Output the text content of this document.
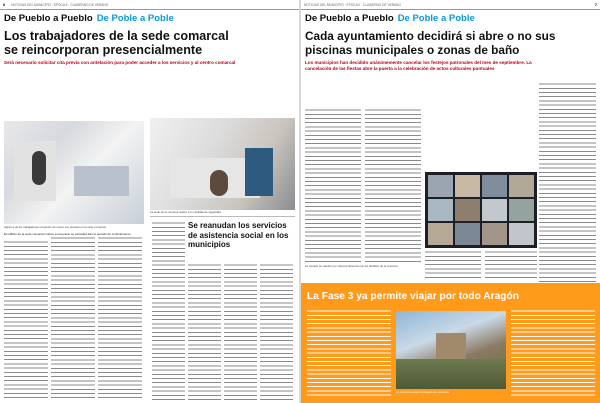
6 NOTICIAS DEL MUNICIPIO · ÉPOCA II · CUADERNO DE VERANO
De Pueblo a Pueblo De Poble a Poble
Los trabajadores de la sede comarcal se reincorporan presencialmente
Será necesario solicitar cita previa con antelación para poder acceder a los servicios y al centro comarcal
Algunos de los trabajadores ocupando de nuevo sus puestos en la sede comarcal
La sede de la comarca reabre con medidas de seguridad
El edificio de la sede comarcal vuelve a recuperar su actividad tras el periodo de confinamiento.
Se reanudan los servicios de asistencia social en los municipios
NOTICIAS DEL MUNICIPIO · ÉPOCA II · CUADERNO DE VERANO	7
De Pueblo a Pueblo De Poble a Poble
Cada ayuntamiento decidirá si abre o no sus piscinas municipales o zonas de baño
Los municipios han decidido unánimemente cancelar los festejos patronales del mes de septiembre. La cancelación de las fiestas abre la puerta a la celebración de actos culturales puntuales
La reunión se celebró por videoconferencia con los alcaldes de la comarca
La Fase 3 ya permite viajar por todo Aragón
La comarca espera la llegada de visitantes
